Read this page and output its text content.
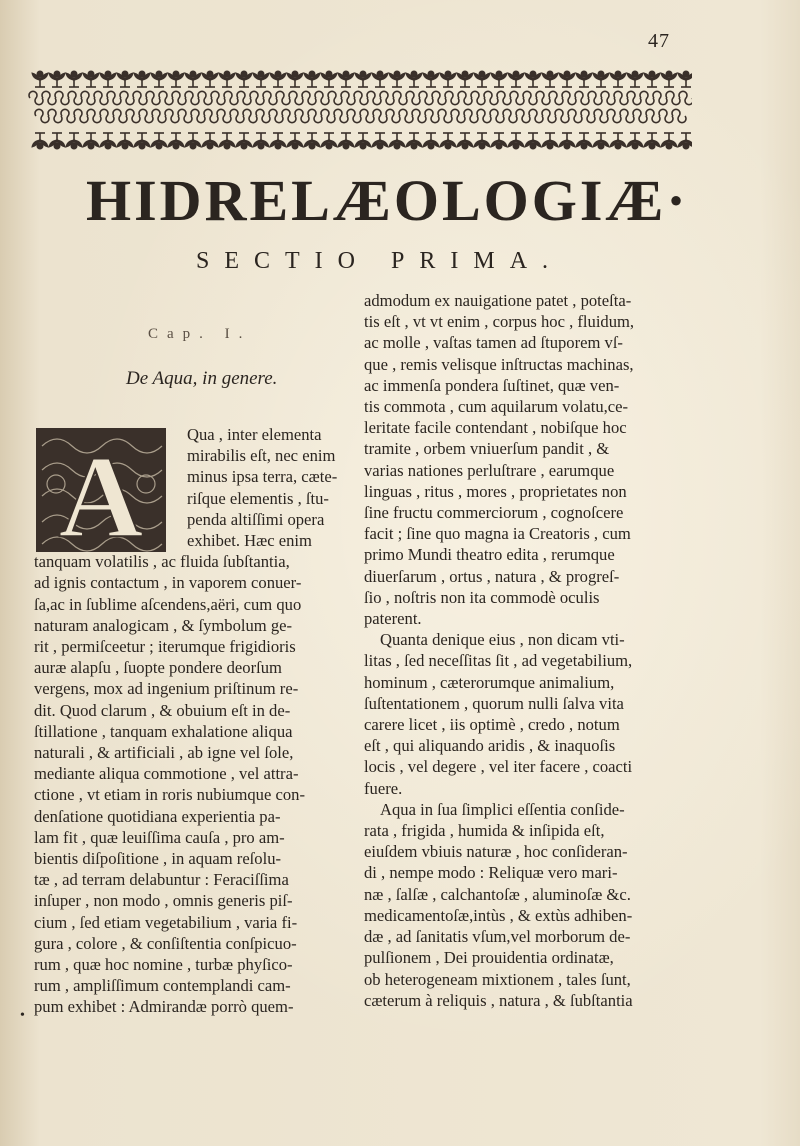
47
HIDRELÆOLOGIÆ·
SECTIO PRIMA.
Cap. I.
De Aqua, in genere.
A	Qua , inter elementa
mirabilis eſt, nec enim
minus ipsa terra, cæte-
riſque elementis , ſtu-
penda altiſſimi opera
exhibet. Hæc enim
tanquam volatilis , ac fluida ſubſtantia,
ad ignis contactum , in vaporem conuer-
ſa,ac in ſublime aſcendens,aëri, cum quo
naturam analogicam , & ſymbolum ge-
rit , permiſceetur ; iterumque frigidioris
auræ alapſu , ſuopte pondere deorſum
vergens, mox ad ingenium priſtinum re-
dit. Quod clarum , & obuium eſt in de-
ſtillatione , tanquam exhalatione aliqua
naturali , & artificiali , ab igne vel ſole,
mediante aliqua commotione , vel attra-
ctione , vt etiam in roris nubiumque con-
denſatione quotidiana experientia pa-
lam fit , quæ leuiſſima cauſa , pro am-
bientis diſpoſitione , in aquam reſolu-
tæ , ad terram delabuntur : Feraciſſima
inſuper , non modo , omnis generis piſ-
cium , ſed etiam vegetabilium , varia fi-
gura , colore , & conſiſtentia conſpicuo-
rum , quæ hoc nomine , turbæ phyſico-
rum , ampliſſimum contemplandi cam-
pum exhibet : Admirandæ porrò quem-
admodum ex nauigatione patet , poteſta-
tis eſt , vt vt enim , corpus hoc , fluidum,
ac molle , vaſtas tamen ad ſtuporem vſ-
que , remis velisque inſtructas machinas,
ac immenſa pondera ſuſtinet, quæ ven-
tis commota , cum aquilarum volatu,ce-
leritate facile contendant , nobiſque hoc
tramite , orbem vniuerſum pandit , &
varias nationes perluſtrare , earumque
linguas , ritus , mores , proprietates non
ſine fructu commerciorum , cognoſcere
facit ; ſine quo magna ia Creatoris , cum
primo Mundi theatro edita , rerumque
diuerſarum , ortus , natura , & progreſ-
ſio , noſtris non ita commodè oculis
paterent.
Quanta denique eius , non dicam vti-
litas , ſed neceſſitas ſit , ad vegetabilium,
hominum , cæterorumque animalium,
ſuſtentationem , quorum nulli ſalva vita
carere licet , iis optimè , credo , notum
eſt , qui aliquando aridis , & inaquoſis
locis , vel degere , vel iter facere , coacti
fuere.
Aqua in ſua ſimplici eſſentia conſide-
rata , frigida , humida & inſipida eſt,
eiuſdem vbiuis naturæ , hoc conſideran-
di , nempe modo : Reliquæ vero mari-
næ , ſalſæ , calchantoſæ , aluminoſæ &c.
medicamentoſæ,intùs , & extùs adhiben-
dæ , ad ſanitatis vſum,vel morborum de-
pulſionem , Dei prouidentia ordinatæ,
ob heterogeneam mixtionem , tales ſunt,
cæterum à reliquis , natura , & ſubſtantia
•
